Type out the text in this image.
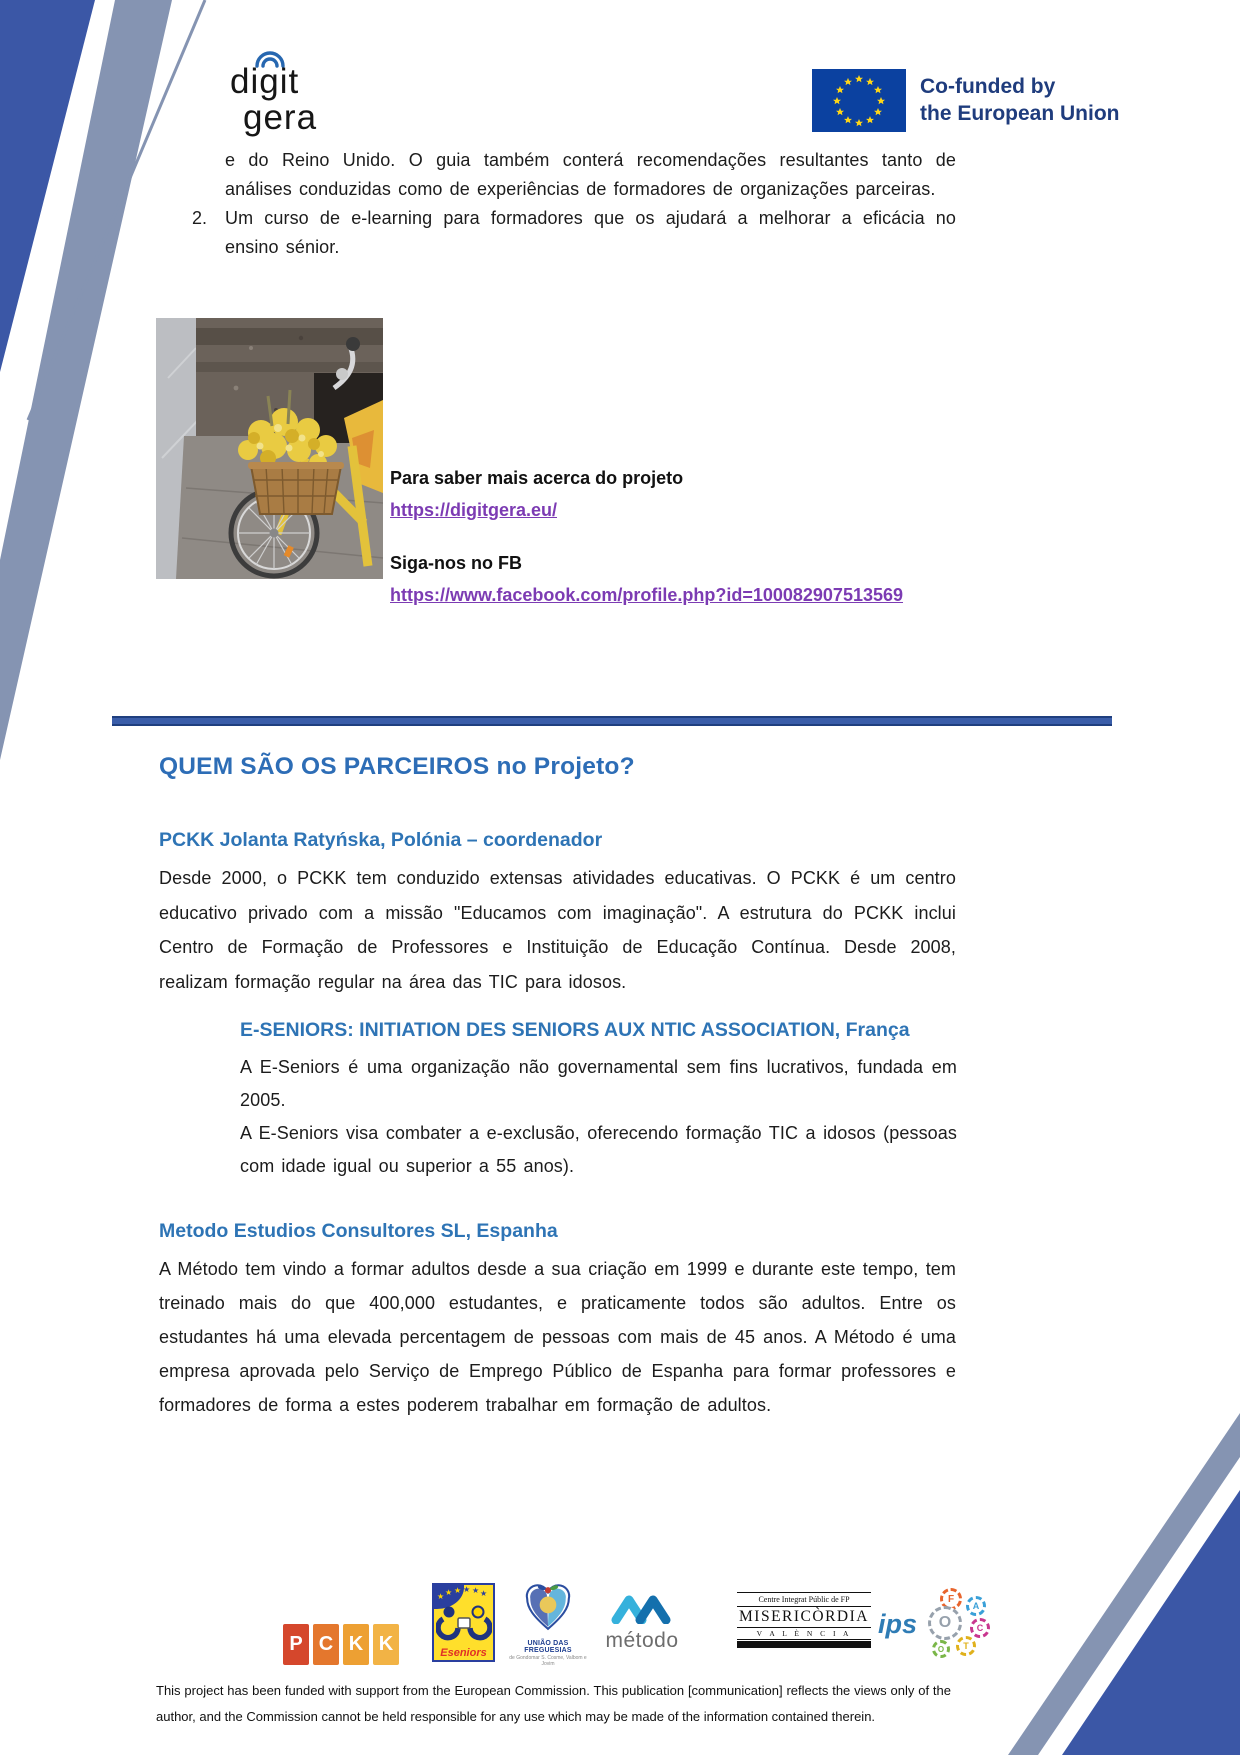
digit
gera
Co-funded by
the European Union

e do Reino Unido. O guia também conterá recomendações resultantes tanto de análises conduzidas como de experiências de formadores de organizações parceiras.

2. Um curso de e-learning para formadores que os ajudará a melhorar a eficácia no ensino sénior.

Para saber mais acerca do projeto
https://digitgera.eu/
Siga-nos no FB
https://www.facebook.com/profile.php?id=100082907513569
QUEM SÃO OS PARCEIROS no Projeto?
PCKK Jolanta Ratyńska, Polónia – coordenador

Desde 2000, o PCKK tem conduzido extensas atividades educativas. O PCKK é um centro educativo privado com a missão "Educamos com imaginação". A estrutura do PCKK inclui Centro de Formação de Professores e Instituição de Educação Contínua. Desde 2008, realizam formação regular na área das TIC para idosos.

E-SENIORS: INITIATION DES SENIORS AUX NTIC ASSOCIATION, França

A E-Seniors é uma organização não governamental sem fins lucrativos, fundada em 2005.

A E-Seniors visa combater a e-exclusão, oferecendo formação TIC a idosos (pessoas com idade igual ou superior a 55 anos).

Metodo Estudios Consultores SL, Espanha

A Método tem vindo a formar adultos desde a sua criação em 1999 e durante este tempo, tem treinado mais do que 400,000 estudantes, e praticamente todos são adultos. Entre os estudantes há uma elevada percentagem de pessoas com mais de 45 anos. A Método é uma empresa aprovada pelo Serviço de Emprego Público de Espanha para formar professores e formadores de forma a estes poderem trabalhar em formação de adultos.

P C K K
★ ★ ★ ★ ★ ★
Eseniors
UNIÃO DAS FREGUESIAS
de Gondomar S. Cosme, Valbom e Jovim
método
Centre Integrat Públic de FP
MISERICÒRDIA
V A L È N C I A ips
F
A
O	C
T
O

This project has been funded with support from the European Commission. This publication [communication] reflects the views only of the author, and the Commission cannot be held responsible for any use which may be made of the information contained therein.
